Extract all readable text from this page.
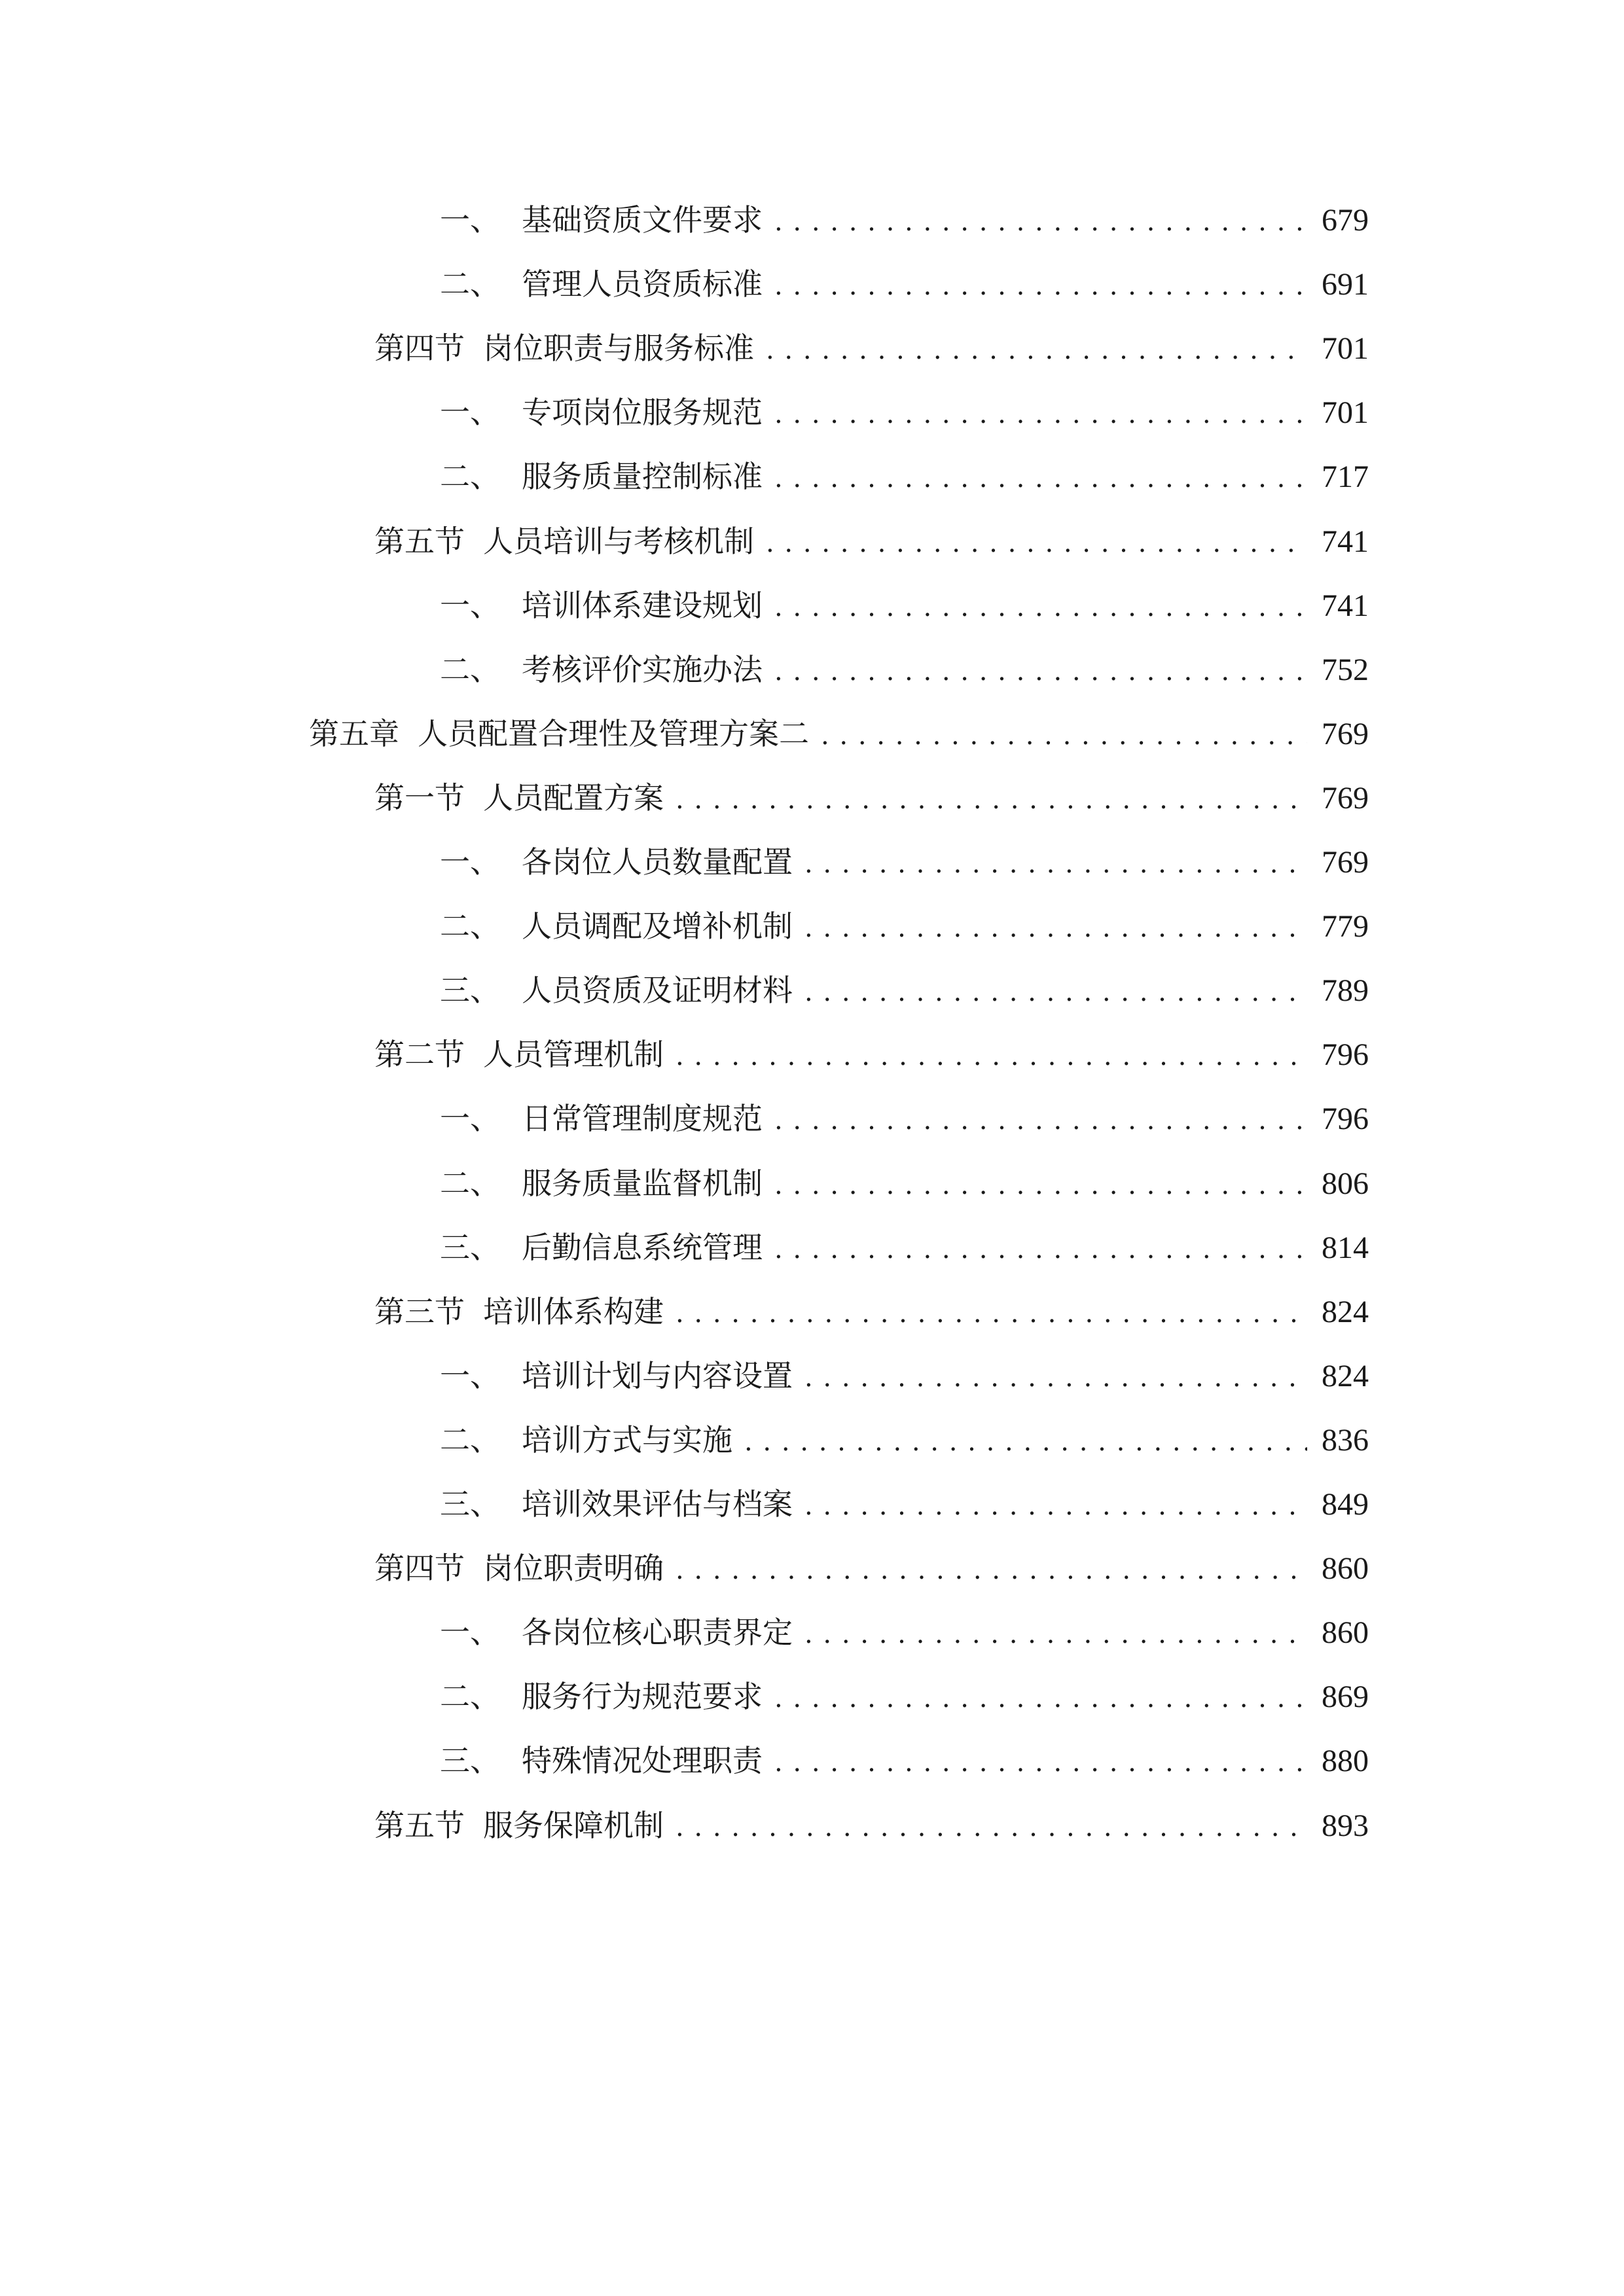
一、 基础资质文件要求 . . .	679
二、 管理人员资质标准 . . .	691
第四节 岗位职责与服务标准 . . .	701
一、 专项岗位服务规范 . . .	701
二、 服务质量控制标准 . . .	717
第五节 人员培训与考核机制 . . .	741
一、 培训体系建设规划 . . .	741
二、 考核评价实施办法 . . .	752
第五章 人员配置合理性及管理方案二 . . .	769
第一节 人员配置方案 . . .	769
一、 各岗位人员数量配置 . . .	769
二、 人员调配及增补机制 . . .	779
三、 人员资质及证明材料 . . .	789
第二节 人员管理机制 . . .	796
一、 日常管理制度规范 . . .	796
二、 服务质量监督机制 . . .	806
三、 后勤信息系统管理 . . .	814
第三节 培训体系构建 . . .	824
一、 培训计划与内容设置 . . .	824
二、 培训方式与实施 . . .	836
三、 培训效果评估与档案 . . .	849
第四节 岗位职责明确 . . .	860
一、 各岗位核心职责界定 . . .	860
二、 服务行为规范要求 . . .	869
三、 特殊情况处理职责 . . .	880
第五节 服务保障机制 . . .	893
